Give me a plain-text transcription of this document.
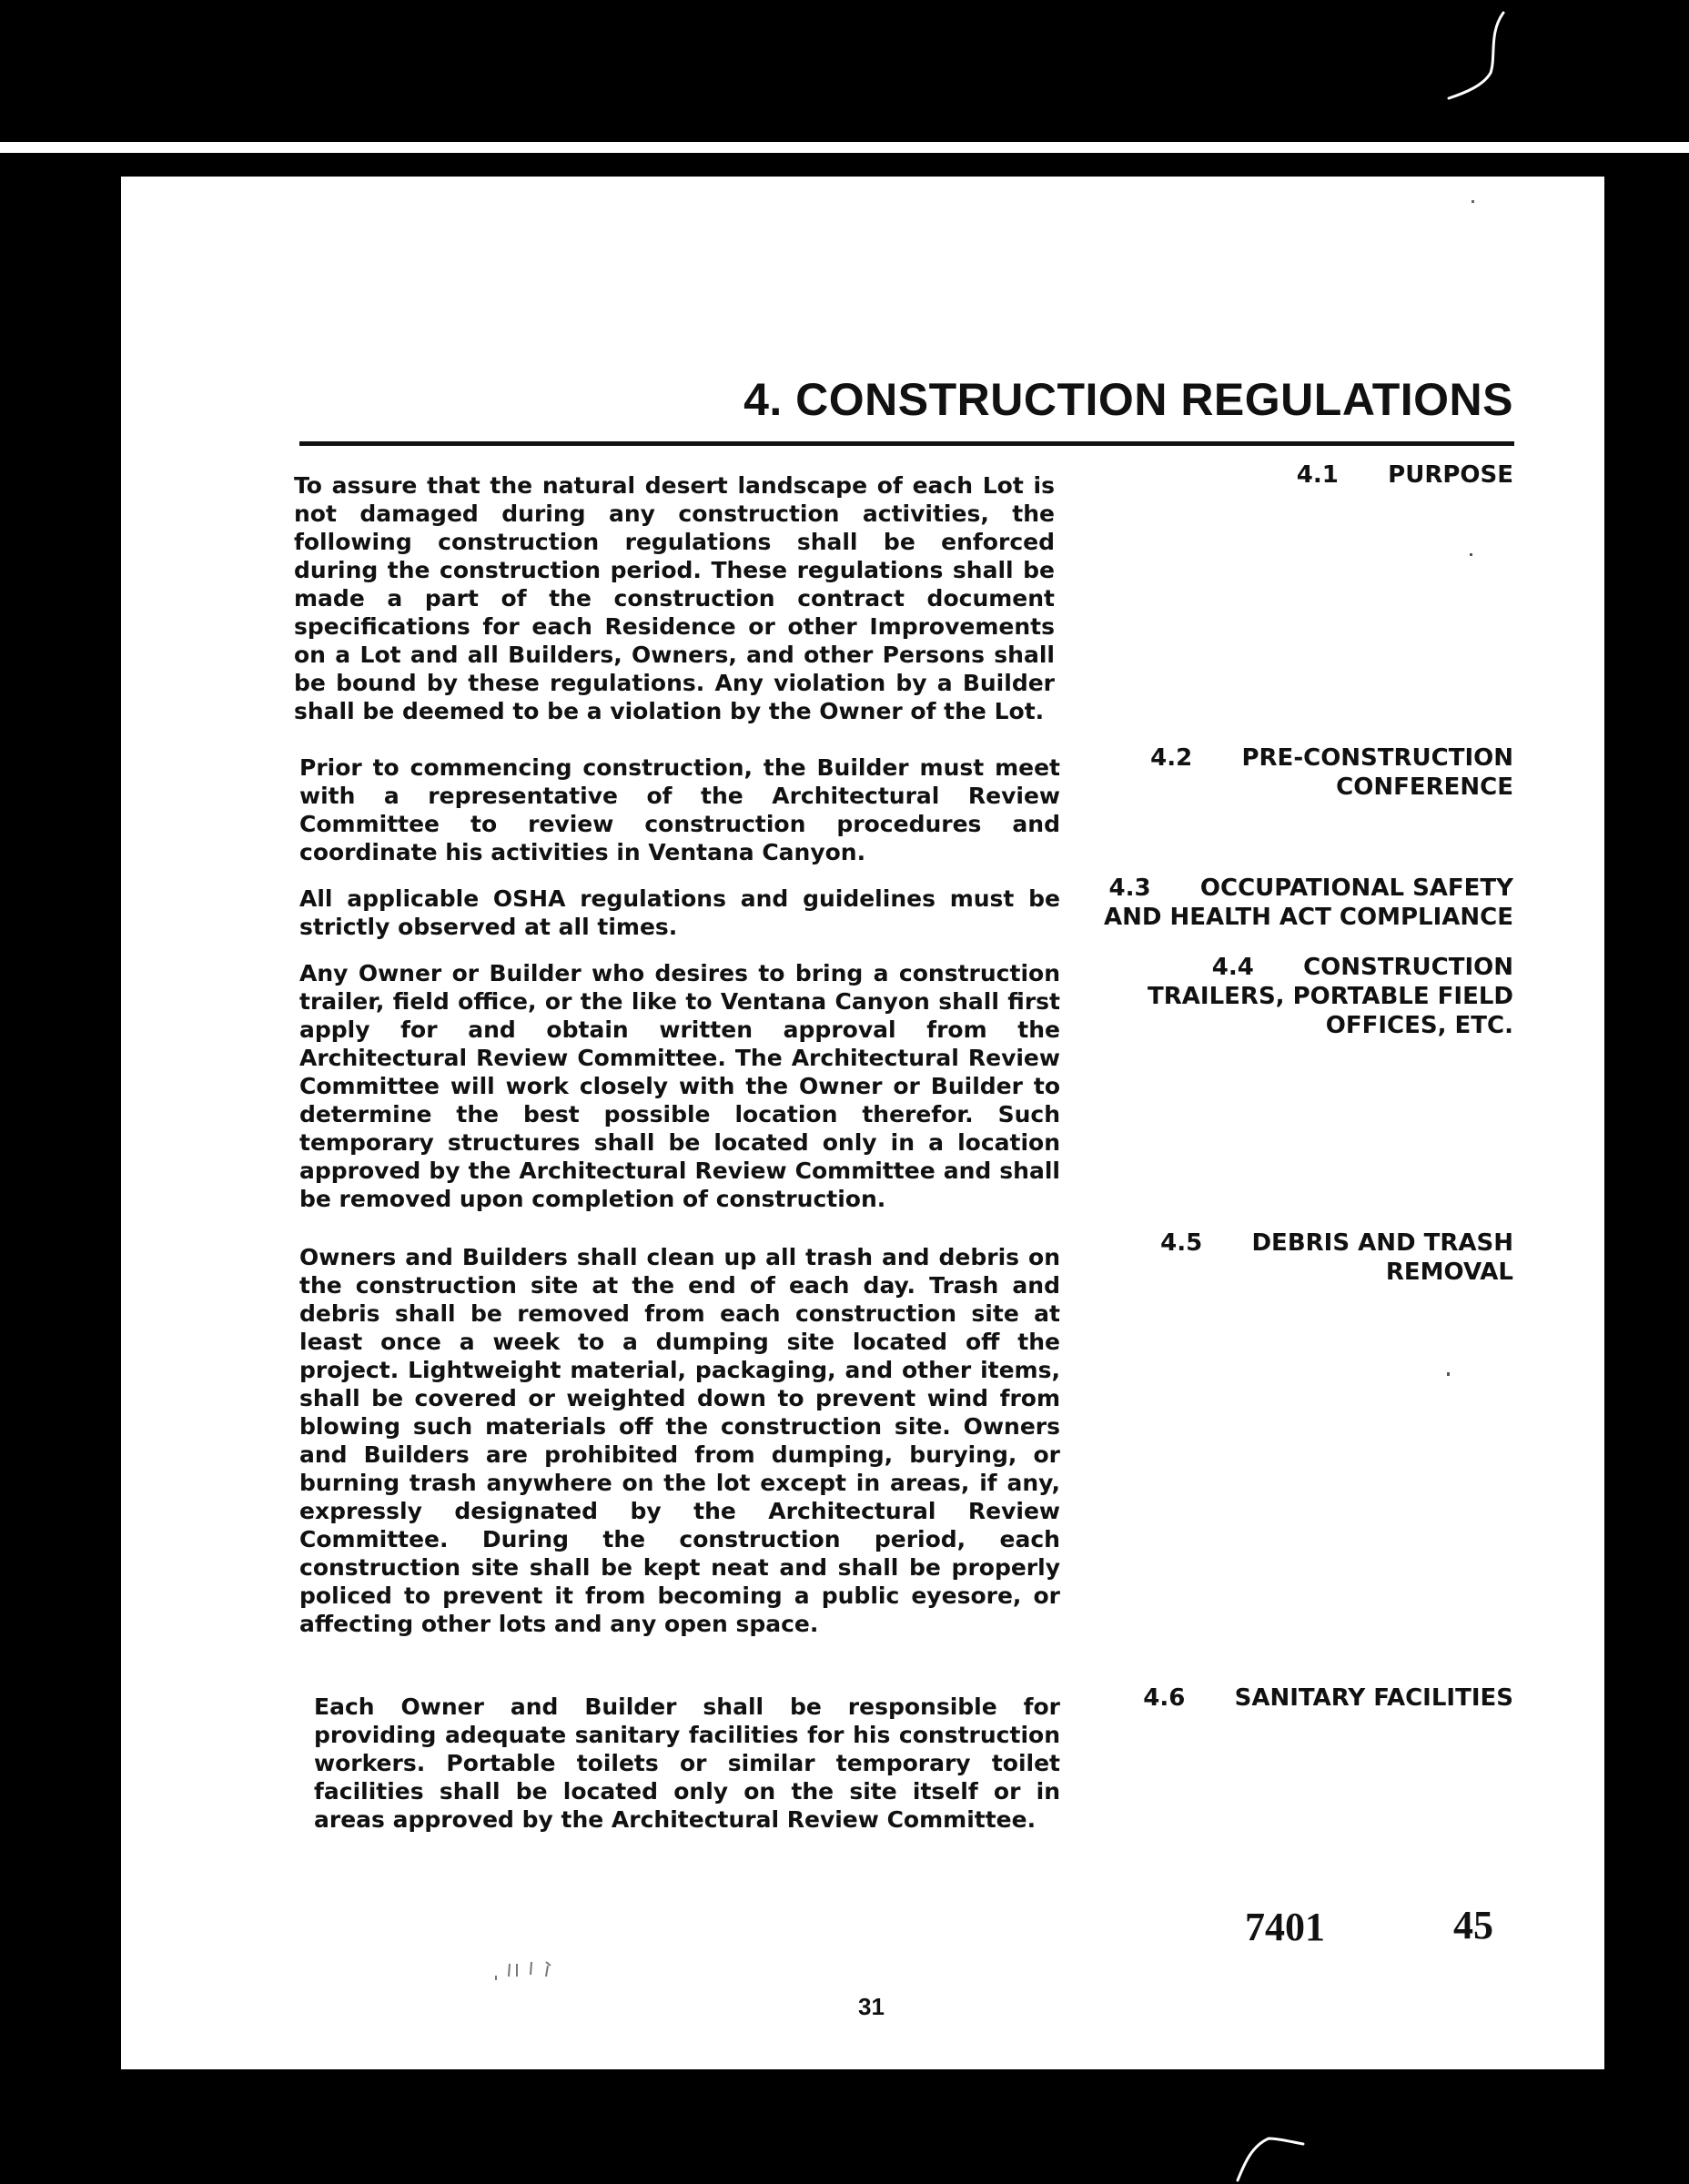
4. CONSTRUCTION REGULATIONS
4.1      PURPOSE
To assure that the natural desert landscape of each Lot is not damaged during any construction activities, the following construction regulations shall be enforced during the construction period. These regulations shall be made a part of the construction contract document specifications for each Residence or other Improvements on a Lot and all Builders, Owners, and other Persons shall be bound by these regulations. Any violation by a Builder shall be deemed to be a violation by the Owner of the Lot.
4.2      PRE-CONSTRUCTION
CONFERENCE
Prior to commencing construction, the Builder must meet with a representative of the Architectural Review Committee to review construction procedures and coordinate his activities in Ventana Canyon.
4.3      OCCUPATIONAL SAFETY
AND HEALTH ACT COMPLIANCE
All applicable OSHA regulations and guidelines must be strictly observed at all times.
4.4      CONSTRUCTION
TRAILERS, PORTABLE FIELD
OFFICES, ETC.
Any Owner or Builder who desires to bring a construction trailer, field office, or the like to Ventana Canyon shall first apply for and obtain written approval from the Architectural Review Committee. The Architectural Review Committee will work closely with the Owner or Builder to determine the best possible location therefor. Such temporary structures shall be located only in a location approved by the Architectural Review Committee and shall be removed upon completion of construction.
4.5      DEBRIS AND TRASH
REMOVAL
Owners and Builders shall clean up all trash and debris on the construction site at the end of each day. Trash and debris shall be removed from each construction site at least once a week to a dumping site located off the project. Lightweight material, packaging, and other items, shall be covered or weighted down to prevent wind from blowing such materials off the construction site. Owners and Builders are prohibited from dumping, burying, or burning trash anywhere on the lot except in areas, if any, expressly designated by the Architectural Review Committee. During the construction period, each construction site shall be kept neat and shall be properly policed to prevent it from becoming a public eyesore, or affecting other lots and any open space.
4.6      SANITARY FACILITIES
Each Owner and Builder shall be responsible for providing adequate sanitary facilities for his construction workers. Portable toilets or similar temporary toilet facilities shall be located only on the site itself or in areas approved by the Architectural Review Committee.
7401	45
31
